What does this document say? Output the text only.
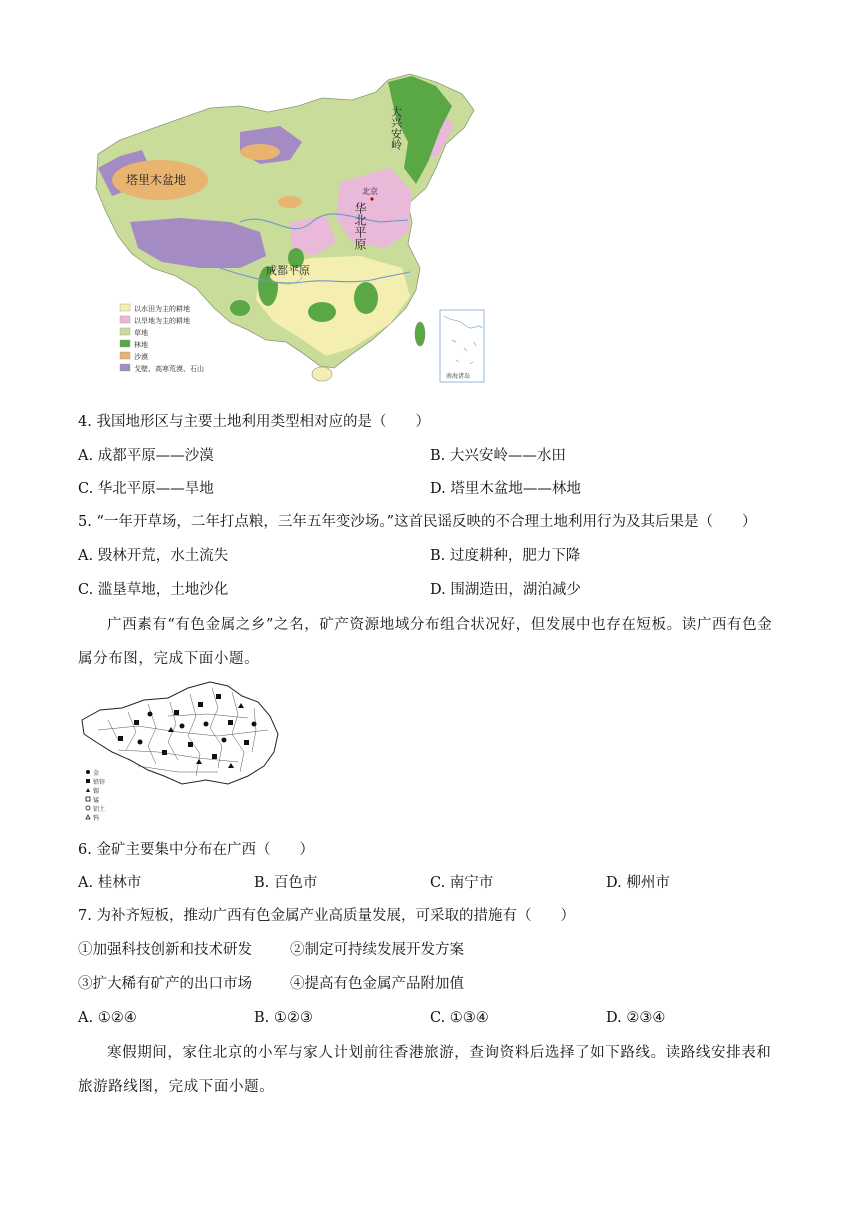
塔里木盆地
大兴安岭
北京
华北平原
成都平原
南海诸岛
以水田为主的耕地
以旱地为主的耕地
草地
林地
沙漠
戈壁、高寒荒漠、石山
4. 我国地形区与主要土地利用类型相对应的是（　　）
A. 成都平原——沙漠	B. 大兴安岭——水田
C. 华北平原——旱地	D. 塔里木盆地——林地
5. “一年开草场，二年打点粮，三年五年变沙场。”这首民谣反映的不合理土地利用行为及其后果是（　　）
A. 毁林开荒，水土流失	B. 过度耕种，肥力下降
C. 滥垦草地，土地沙化	D. 围湖造田，湖泊减少
广西素有“有色金属之乡”之名，矿产资源地域分布组合状况好，但发展中也存在短板。读广西有色金属分布图，完成下面小题。
金
铅锌
锡
锰
铝土
钨
6. 金矿主要集中分布在广西（　　）
A. 桂林市	B. 百色市	C. 南宁市	D. 柳州市
7. 为补齐短板，推动广西有色金属产业高质量发展，可采取的措施有（　　）
①加强科技创新和技术研发	②制定可持续发展开发方案
③扩大稀有矿产的出口市场	④提高有色金属产品附加值
A. ①②④	B. ①②③	C. ①③④	D. ②③④
寒假期间，家住北京的小军与家人计划前往香港旅游，查询资料后选择了如下路线。读路线安排表和旅游路线图，完成下面小题。
